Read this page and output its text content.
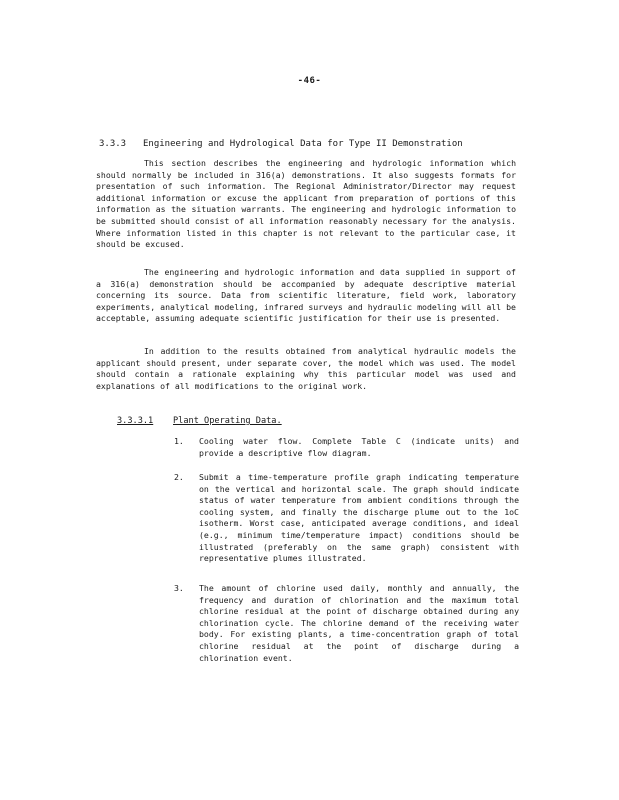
-46-
3.3.3 Engineering and Hydrological Data for Type II Demonstration

This section describes the engineering and hydrologic information which should normally be included in 316(a) demonstrations. It also suggests formats for presentation of such information. The Regional Administrator/Director may request additional information or excuse the applicant from preparation of portions of this information as the situation warrants. The engineering and hydrologic information to be submitted should consist of all information reasonably necessary for the analysis. Where information listed in this chapter is not relevant to the particular case, it should be excused.

The engineering and hydrologic information and data supplied in support of a 316(a) demonstration should be accompanied by adequate descriptive material concerning its source. Data from scientific literature, field work, laboratory experiments, analytical modeling, infrared surveys and hydraulic modeling will all be acceptable, assuming adequate scientific justification for their use is presented.

In addition to the results obtained from analytical hydraulic models the applicant should present, under separate cover, the model which was used. The model should contain a rationale explaining why this particular model was used and explanations of all modifications to the original work.

3.3.3.1 Plant Operating Data.
1.	Cooling water flow. Complete Table C (indicate units) and provide a descriptive flow diagram.
2.	Submit a time-temperature profile graph indicating temperature on the vertical and horizontal scale. The graph should indicate status of water temperature from ambient conditions through the cooling system, and finally the discharge plume out to the 1oC isotherm. Worst case, anticipated average conditions, and ideal (e.g., minimum time/temperature impact) conditions should be illustrated (preferably on the same graph) consistent with representative plumes illustrated.
3.	The amount of chlorine used daily, monthly and annually, the frequency and duration of chlorination and the maximum total chlorine residual at the point of discharge obtained during any chlorination cycle. The chlorine demand of the receiving water body. For existing plants, a time-concentration graph of total chlorine residual at the point of discharge during a chlorination event.
